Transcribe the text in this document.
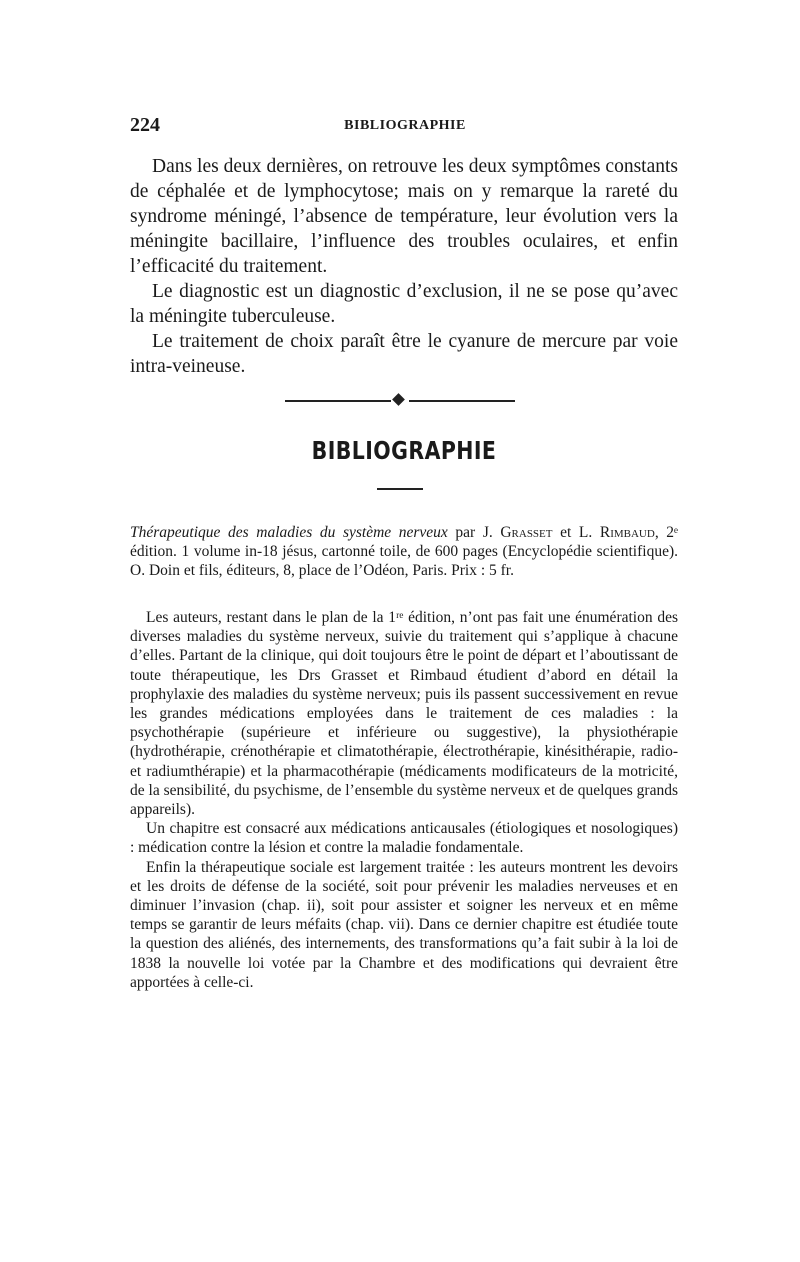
224	BIBLIOGRAPHIE

Dans les deux dernières, on retrouve les deux symptômes constants de céphalée et de lymphocytose; mais on y remarque la rareté du syndrome méningé, l’absence de température, leur évolution vers la méningite bacillaire, l’influence des troubles oculaires, et enfin l’efficacité du traitement.

Le diagnostic est un diagnostic d’exclusion, il ne se pose qu’avec la méningite tuberculeuse.

Le traitement de choix paraît être le cyanure de mercure par voie intra-veineuse.

BIBLIOGRAPHIE

Thérapeutique des maladies du système nerveux par J. Grasset et L. Rimbaud, 2ᵉ édition. 1 volume in-18 jésus, cartonné toile, de 600 pages (Encyclopédie scientifique). O. Doin et fils, éditeurs, 8, place de l’Odéon, Paris. Prix : 5 fr.

Les auteurs, restant dans le plan de la 1ʳᵉ édition, n’ont pas fait une énumération des diverses maladies du système nerveux, suivie du traitement qui s’applique à chacune d’elles. Partant de la clinique, qui doit toujours être le point de départ et l’aboutissant de toute thérapeutique, les Drs Grasset et Rimbaud étudient d’abord en détail la prophylaxie des maladies du système nerveux; puis ils passent successivement en revue les grandes médications employées dans le traitement de ces maladies : la psychothérapie (supérieure et inférieure ou suggestive), la physiothérapie (hydrothérapie, crénothérapie et climatothérapie, électrothérapie, kinésithérapie, radio- et radiumthérapie) et la pharmacothérapie (médicaments modificateurs de la motricité, de la sensibilité, du psychisme, de l’ensemble du système nerveux et de quelques grands appareils).

Un chapitre est consacré aux médications anticausales (étiologiques et nosologiques) : médication contre la lésion et contre la maladie fondamentale.

Enfin la thérapeutique sociale est largement traitée : les auteurs montrent les devoirs et les droits de défense de la société, soit pour prévenir les maladies nerveuses et en diminuer l’invasion (chap. ii), soit pour assister et soigner les nerveux et en même temps se garantir de leurs méfaits (chap. vii). Dans ce dernier chapitre est étudiée toute la question des aliénés, des internements, des transformations qu’a fait subir à la loi de 1838 la nouvelle loi votée par la Chambre et des modifications qui devraient être apportées à celle-ci.
